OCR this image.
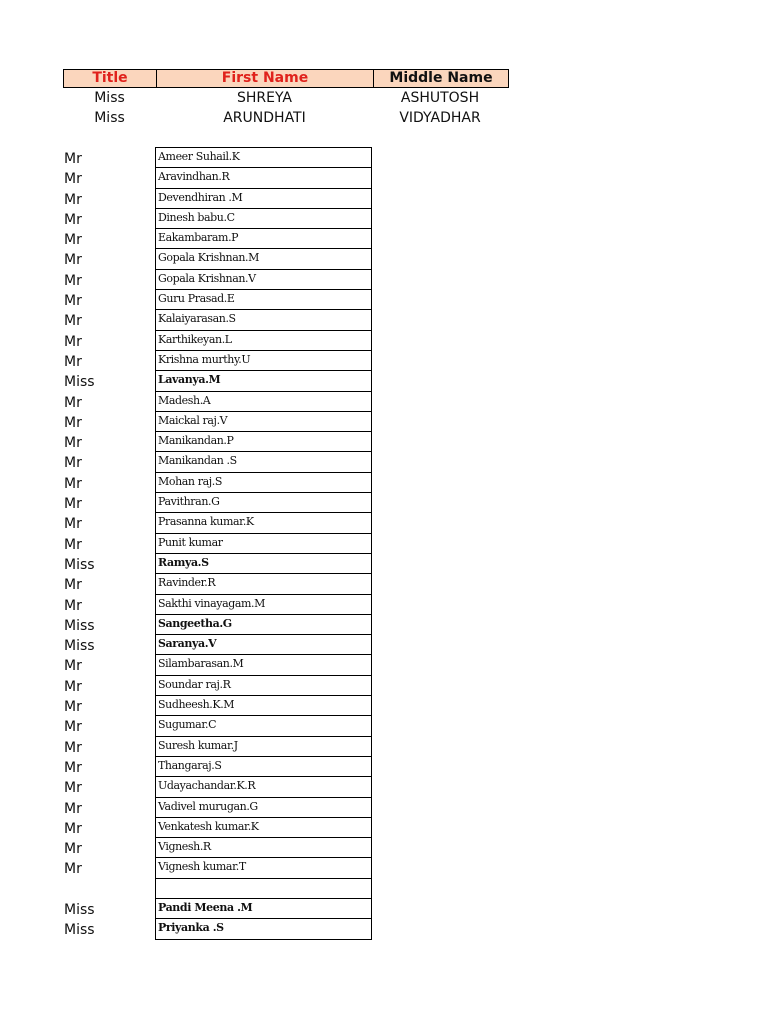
Title	First Name	Middle Name
Miss	SHREYA	ASHUTOSH
Miss	ARUNDHATI	VIDYADHAR
Mr	Ameer Suhail.K
Mr	Aravindhan.R
Mr	Devendhiran .M
Mr	Dinesh babu.C
Mr	Eakambaram.P
Mr	Gopala Krishnan.M
Mr	Gopala Krishnan.V
Mr	Guru Prasad.E
Mr	Kalaiyarasan.S
Mr	Karthikeyan.L
Mr	Krishna murthy.U
Miss	Lavanya.M
Mr	Madesh.A
Mr	Maickal raj.V
Mr	Manikandan.P
Mr	Manikandan .S
Mr	Mohan raj.S
Mr	Pavithran.G
Mr	Prasanna kumar.K
Mr	Punit kumar
Miss	Ramya.S
Mr	Ravinder.R
Mr	Sakthi vinayagam.M
Miss	Sangeetha.G
Miss	Saranya.V
Mr	Silambarasan.M
Mr	Soundar raj.R
Mr	Sudheesh.K.M
Mr	Sugumar.C
Mr	Suresh kumar.J
Mr	Thangaraj.S
Mr	Udayachandar.K.R
Mr	Vadivel murugan.G
Mr	Venkatesh kumar.K
Mr	Vignesh.R
Mr	Vignesh kumar.T
Miss	Pandi Meena .M
Miss	Priyanka .S
